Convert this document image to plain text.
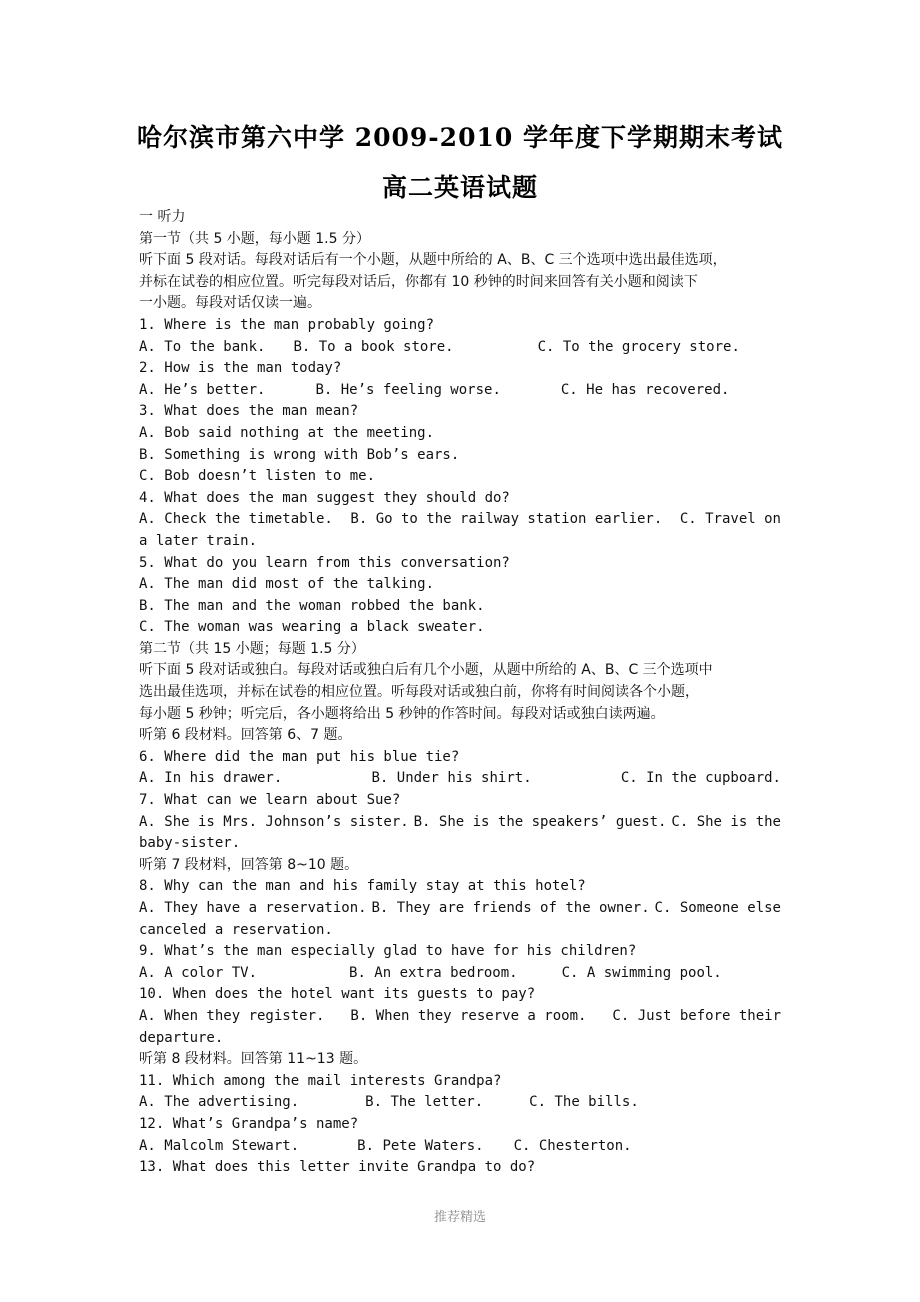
哈尔滨市第六中学 2009-2010 学年度下学期期末考试
高二英语试题
一 听力
第一节（共 5 小题，每小题 1.5 分）
听下面 5 段对话。每段对话后有一个小题，从题中所给的 A、B、C 三个选项中选出最佳选项，
并标在试卷的相应位置。听完每段对话后，你都有 10 秒钟的时间来回答有关小题和阅读下
一小题。每段对话仅读一遍。
1. Where is the man probably going?
A. To the bank. B. To a book store.	C. To the grocery store.
2. How is the man today?
A. He’s better.	B. He’s feeling worse.	C. He has recovered.
3. What does the man mean?
A. Bob said nothing at the meeting.
B. Something is wrong with Bob’s ears.
C. Bob doesn’t listen to me.
4. What does the man suggest they should do?
A. Check the timetable. B. Go to the railway station earlier. C. Travel on
a later train.
5. What do you learn from this conversation?
A. The man did most of the talking.
B. The man and the woman robbed the bank.
C. The woman was wearing a black sweater.
第二节（共 15 小题；每题 1.5 分）
听下面 5 段对话或独白。每段对话或独白后有几个小题，从题中所给的 A、B、C 三个选项中
选出最佳选项，并标在试卷的相应位置。听每段对话或独白前，你将有时间阅读各个小题，
每小题 5 秒钟；听完后，各小题将给出 5 秒钟的作答时间。每段对话或独白读两遍。
听第 6 段材料。回答第 6、7 题。
6. Where did the man put his blue tie?
A. In his drawer.	B. Under his shirt.	C. In the cupboard.
7. What can we learn about Sue?
A. She is Mrs. Johnson’s sister. B. She is the speakers’ guest. C. She is the
baby-sister.
听第 7 段材料，回答第 8~10 题。
8. Why can the man and his family stay at this hotel?
A. They have a reservation. B. They are friends of the owner. C. Someone else
canceled a reservation.
9. What’s the man especially glad to have for his children?
A. A color TV.	B. An extra bedroom.	C. A swimming pool.
10. When does the hotel want its guests to pay?
A. When they register. B. When they reserve a room. C. Just before their
departure.
听第 8 段材料。回答第 11~13 题。
11. Which among the mail interests Grandpa?
A. The advertising.	B. The letter.	C. The bills.
12. What’s Grandpa’s name?
A. Malcolm Stewart.	B. Pete Waters. C. Chesterton.
13. What does this letter invite Grandpa to do?
推荐精选
